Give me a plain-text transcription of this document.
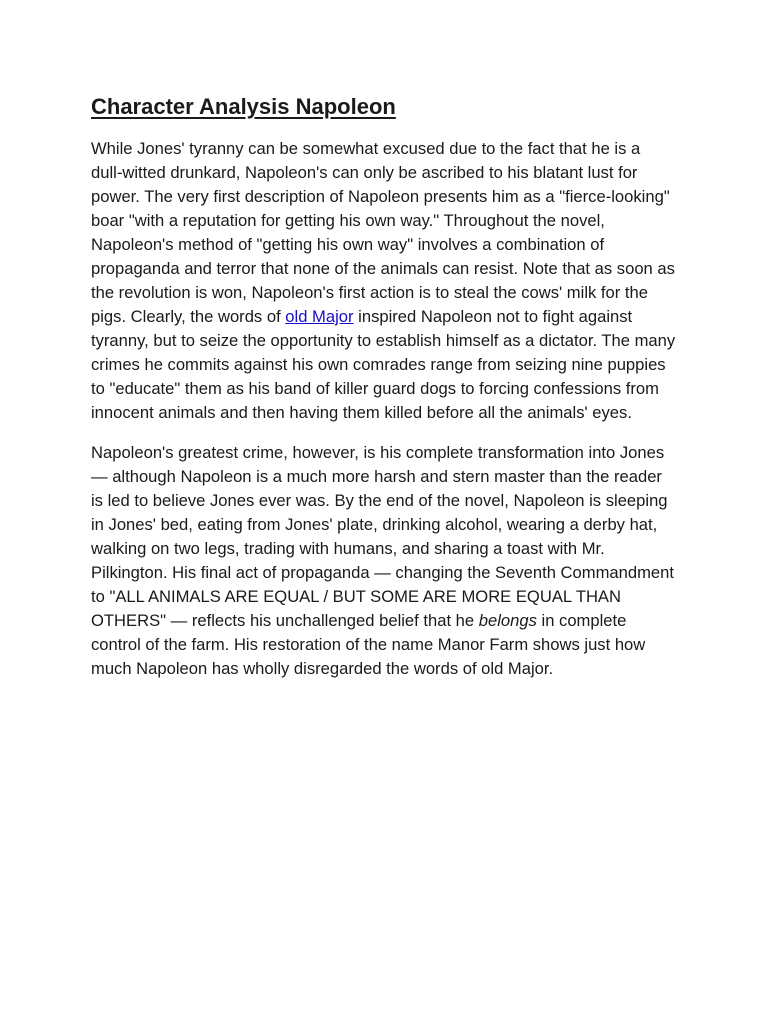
Character Analysis Napoleon

While Jones' tyranny can be somewhat excused due to the fact that he is a dull-witted drunkard, Napoleon's can only be ascribed to his blatant lust for power. The very first description of Napoleon presents him as a "fierce-looking" boar "with a reputation for getting his own way." Throughout the novel, Napoleon's method of "getting his own way" involves a combination of propaganda and terror that none of the animals can resist. Note that as soon as the revolution is won, Napoleon's first action is to steal the cows' milk for the pigs. Clearly, the words of old Major inspired Napoleon not to fight against tyranny, but to seize the opportunity to establish himself as a dictator. The many crimes he commits against his own comrades range from seizing nine puppies to "educate" them as his band of killer guard dogs to forcing confessions from innocent animals and then having them killed before all the animals' eyes.

Napoleon's greatest crime, however, is his complete transformation into Jones — although Napoleon is a much more harsh and stern master than the reader is led to believe Jones ever was. By the end of the novel, Napoleon is sleeping in Jones' bed, eating from Jones' plate, drinking alcohol, wearing a derby hat, walking on two legs, trading with humans, and sharing a toast with Mr. Pilkington. His final act of propaganda — changing the Seventh Commandment to "ALL ANIMALS ARE EQUAL / BUT SOME ARE MORE EQUAL THAN OTHERS" — reflects his unchallenged belief that he belongs in complete control of the farm. His restoration of the name Manor Farm shows just how much Napoleon has wholly disregarded the words of old Major.
